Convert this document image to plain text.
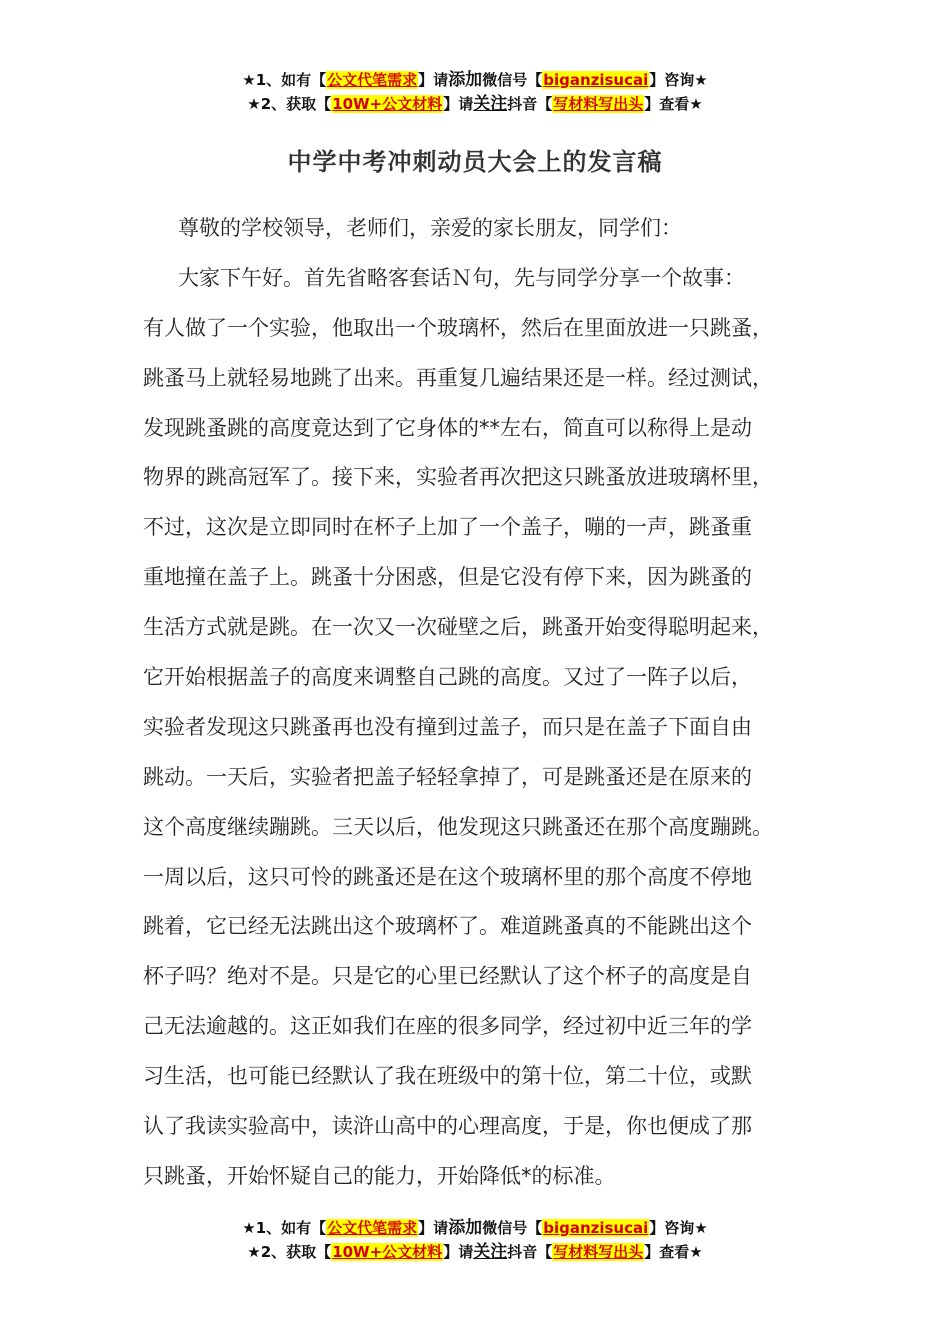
★1、如有【公文代笔需求】请添加微信号【biganzisucai】咨询★
★2、获取【10W+公文材料】请关注抖音【写材料写出头】查看★
中学中考冲刺动员大会上的发言稿
尊敬的学校领导，老师们，亲爱的家长朋友，同学们：
大家下午好。首先省略客套话Ｎ句，先与同学分享一个故事：
有人做了一个实验，他取出一个玻璃杯，然后在里面放进一只跳蚤，
跳蚤马上就轻易地跳了出来。再重复几遍结果还是一样。经过测试，
发现跳蚤跳的高度竟达到了它身体的**左右，简直可以称得上是动
物界的跳高冠军了。接下来，实验者再次把这只跳蚤放进玻璃杯里，
不过，这次是立即同时在杯子上加了一个盖子，嘣的一声，跳蚤重
重地撞在盖子上。跳蚤十分困惑，但是它没有停下来，因为跳蚤的
生活方式就是跳。在一次又一次碰壁之后，跳蚤开始变得聪明起来，
它开始根据盖子的高度来调整自己跳的高度。又过了一阵子以后，
实验者发现这只跳蚤再也没有撞到过盖子，而只是在盖子下面自由
跳动。一天后，实验者把盖子轻轻拿掉了，可是跳蚤还是在原来的
这个高度继续蹦跳。三天以后，他发现这只跳蚤还在那个高度蹦跳。
一周以后，这只可怜的跳蚤还是在这个玻璃杯里的那个高度不停地
跳着，它已经无法跳出这个玻璃杯了。难道跳蚤真的不能跳出这个
杯子吗？绝对不是。只是它的心里已经默认了这个杯子的高度是自
己无法逾越的。这正如我们在座的很多同学，经过初中近三年的学
习生活，也可能已经默认了我在班级中的第十位，第二十位，或默
认了我读实验高中，读浒山高中的心理高度，于是，你也便成了那
只跳蚤，开始怀疑自己的能力，开始降低*的标准。
★1、如有【公文代笔需求】请添加微信号【biganzisucai】咨询★
★2、获取【10W+公文材料】请关注抖音【写材料写出头】查看★
